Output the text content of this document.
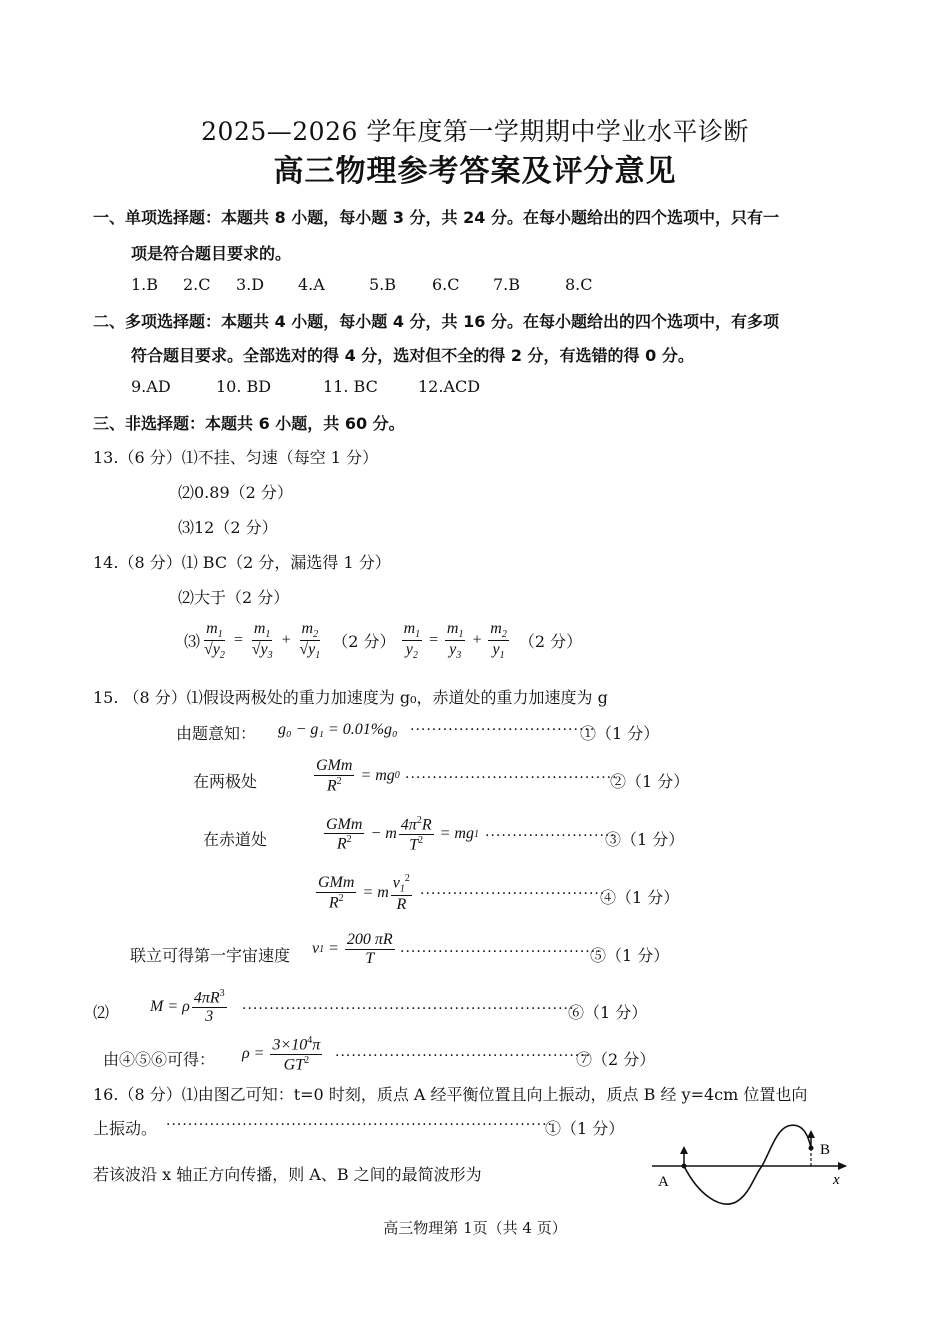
2025—2026 学年度第一学期期中学业水平诊断
高三物理参考答案及评分意见
一、单项选择题：本题共 8 小题，每小题 3 分，共 24 分。在每小题给出的四个选项中，只有一
项是符合题目要求的。
1.B 2.C 3.D 4.A	5.B 6.C 7.B	8.C
二、多项选择题：本题共 4 小题，每小题 4 分，共 16 分。在每小题给出的四个选项中，有多项
符合题目要求。全部选对的得 4 分，选对但不全的得 2 分，有选错的得 0 分。
9.AD	10. BD	11. BC	12.ACD
三、非选择题：本题共 6 小题，共 60 分。
13.（6 分）⑴不挂、匀速（每空 1 分）
⑵0.89（2 分）
⑶12（2 分）
14.（8 分）⑴ BC（2 分，漏选得 1 分）
⑵大于（2 分）
⑶ $\frac{m_1}{√y_2} = \frac{m_1}{√y_3} + \frac{m_2}{√y_1} (2$ 分） $\frac{m_1}{y_2} = \frac{m_1}{y_3} + \frac{m_2}{y_1} (2$ 分）
15. （8 分）⑴假设两极处的重力加速度为 g₀，赤道处的重力加速度为 g
由题意知： g₀ − g₁ = 0.01%g₀ ··································
①（1 分）
在两极处	$\frac{\text{GMm}}{R^2}$ = mg 0 ·······································
②（1 分）
在赤道处	$\frac{\text{GMm}}{R^2} - m \frac{4\pi^2R}{T^2}$ = mg 1 ························
③（1 分）
$\frac{\text{GMm}}{R^2} = m \frac{v_1^2}{R}$ ··································
④（1 分）
联立可得第一宇宙速度 v $1 = \frac{200 \pi R}{T}$ ·····································
⑤（1 分）
⑵	M = ρ $\frac{4\pi R^3}{3}$ ·····························································
⑥（1 分）
由④⑤⑥可得： $\rho = \frac{3\times 10^4\pi}{GT^2}$ ···············································
⑦（2 分）
16.（8 分）⑴由图乙可知：t=0 时刻，质点 A 经平衡位置且向上振动，质点 B 经 y=4cm 位置也向
上振动。 ·······································································
①（1 分）
若该波沿 x 轴正方向传播，则 A、B 之间的最简波形为	A
B
x
高三物理第 1页（共 4 页）
